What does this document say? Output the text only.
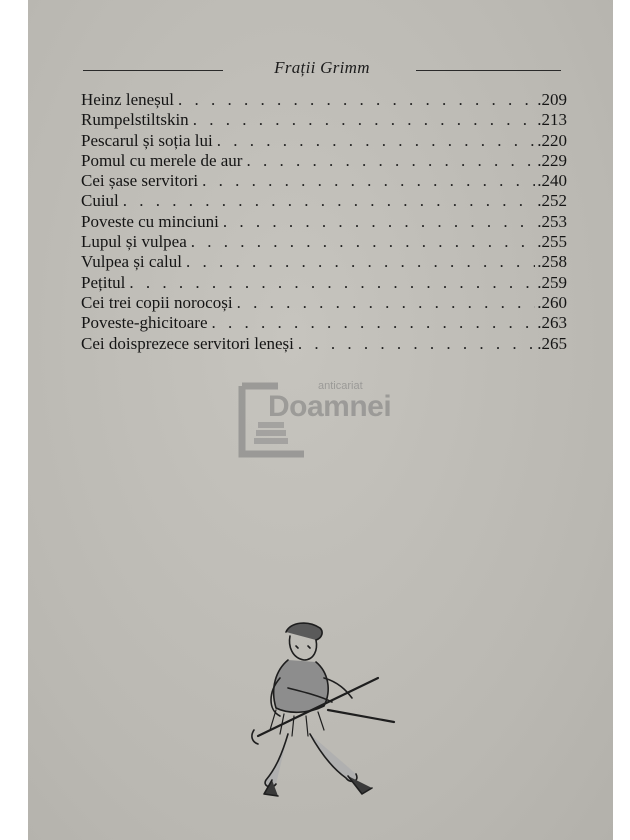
Frații Grimm
Heinz leneșul . . .	.209
Rumpelstiltskin . . .	.213
Pescarul și soția lui . . .	.220
Pomul cu merele de aur . . .	.229
Cei șase servitori . . .	.240
Cuiul . . .	.252
Poveste cu minciuni . . .	.253
Lupul și vulpea . . .	.255
Vulpea și calul . . .	.258
Pețitul . . .	.259
Cei trei copii norocoși . . .	.260
Poveste-ghicitoare . . .	.263
Cei doisprezece servitori leneși . . .	.265
anticariat
Doamnei
